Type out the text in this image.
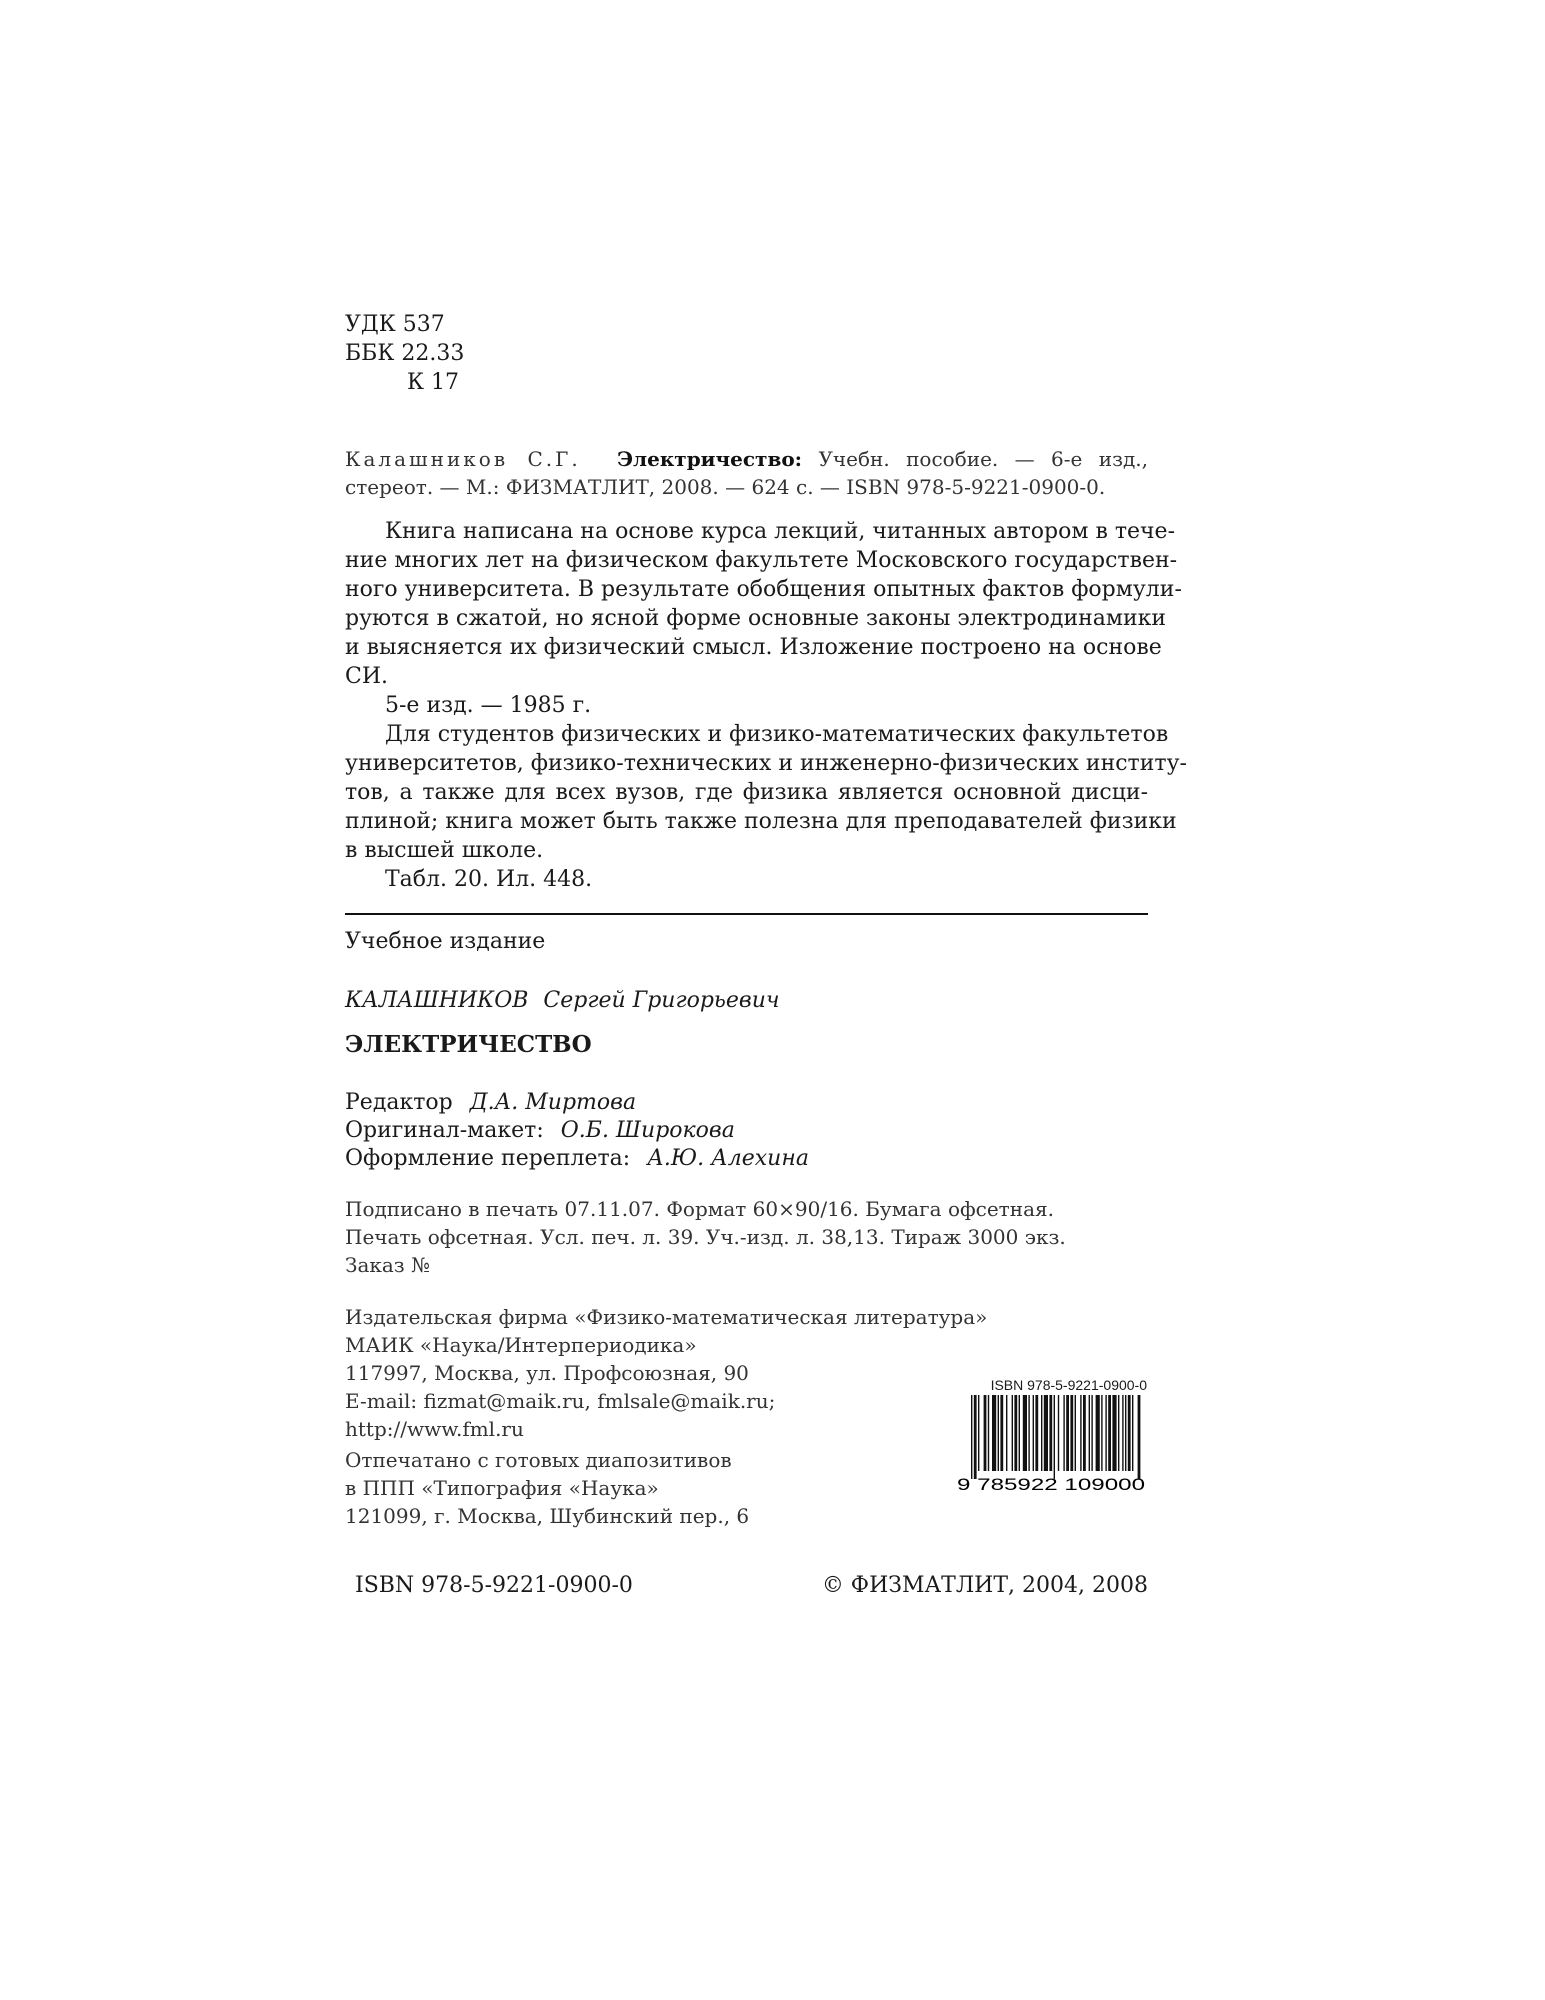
УДК 537
ББК 22.33
К 17
Калашников С.Г. Электричество: Учебн. пособие. — 6-е изд.,
стереот. — М.: ФИЗМАТЛИТ, 2008. — 624 с. — ISBN 978-5-9221-0900-0.
Книга написана на основе курса лекций, читанных автором в тече-
ние многих лет на физическом факультете Московского государствен-
ного университета. В результате обобщения опытных фактов формули-
руются в сжатой, но ясной форме основные законы электродинамики
и выясняется их физический смысл. Изложение построено на основе
СИ.
5-е изд. — 1985 г.
Для студентов физических и физико-математических факультетов
университетов, физико-технических и инженерно-физических институ-
тов, а также для всех вузов, где физика является основной дисци-
плиной; книга может быть также полезна для преподавателей физики
в высшей школе.
Табл. 20. Ил. 448.
Учебное издание
КАЛАШНИКОВ Сергей Григорьевич
ЭЛЕКТРИЧЕСТВО
Редактор Д.А. Миртова
Оригинал-макет: О.Б. Широкова
Оформление переплета: А.Ю. Алехина
Подписано в печать 07.11.07. Формат 60×90/16. Бумага офсетная.
Печать офсетная. Усл. печ. л. 39. Уч.-изд. л. 38,13. Тираж 3000 экз.
Заказ №
Издательская фирма «Физико-математическая литература»
МАИК «Наука/Интерпериодика»
117997, Москва, ул. Профсоюзная, 90
E-mail: fizmat@maik.ru, fmlsale@maik.ru;
http://www.fml.ru
Отпечатано с готовых диапозитивов
в ППП «Типография «Наука»
121099, г. Москва, Шубинский пер., 6
ISBN 978-5-9221-0900-0
9 785922 109000
ISBN 978-5-9221-0900-0	© ФИЗМАТЛИТ, 2004, 2008
